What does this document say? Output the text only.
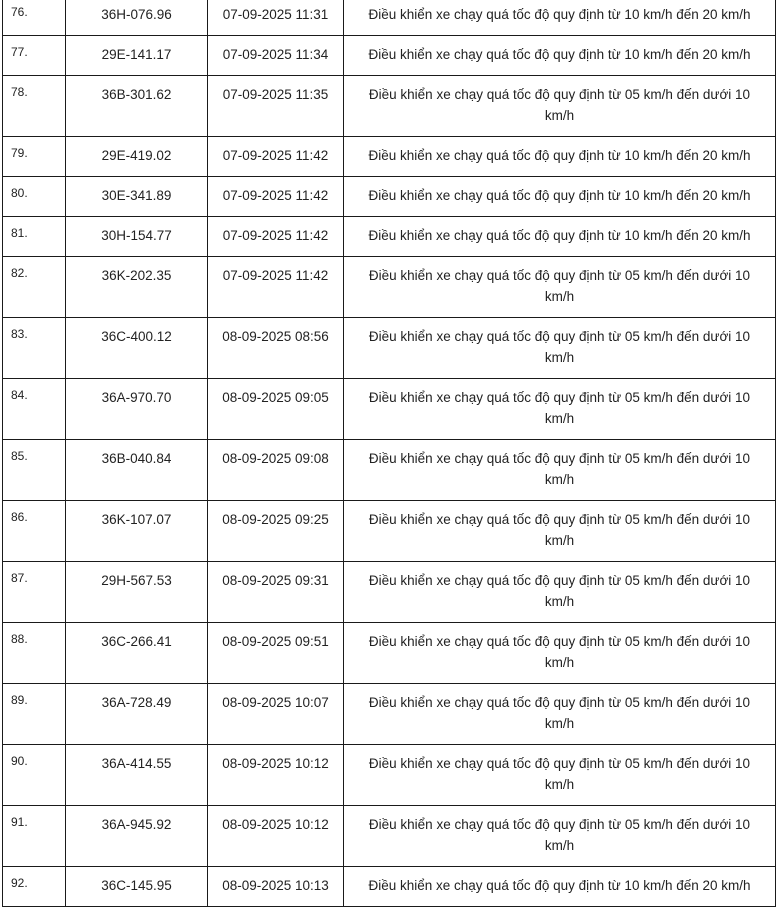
76.	36H-076.96	07-09-2025 11:31	Điều khiển xe chạy quá tốc độ quy định từ 10 km/h đến 20 km/h
77.	29E-141.17	07-09-2025 11:34	Điều khiển xe chạy quá tốc độ quy định từ 10 km/h đến 20 km/h
78.	36B-301.62	07-09-2025 11:35	Điều khiển xe chạy quá tốc độ quy định từ 05 km/h đến dưới 10 km/h
79.	29E-419.02	07-09-2025 11:42	Điều khiển xe chạy quá tốc độ quy định từ 10 km/h đến 20 km/h
80.	30E-341.89	07-09-2025 11:42	Điều khiển xe chạy quá tốc độ quy định từ 10 km/h đến 20 km/h
81.	30H-154.77	07-09-2025 11:42	Điều khiển xe chạy quá tốc độ quy định từ 10 km/h đến 20 km/h
82.	36K-202.35	07-09-2025 11:42	Điều khiển xe chạy quá tốc độ quy định từ 05 km/h đến dưới 10 km/h
83.	36C-400.12	08-09-2025 08:56	Điều khiển xe chạy quá tốc độ quy định từ 05 km/h đến dưới 10 km/h
84.	36A-970.70	08-09-2025 09:05	Điều khiển xe chạy quá tốc độ quy định từ 05 km/h đến dưới 10 km/h
85.	36B-040.84	08-09-2025 09:08	Điều khiển xe chạy quá tốc độ quy định từ 05 km/h đến dưới 10 km/h
86.	36K-107.07	08-09-2025 09:25	Điều khiển xe chạy quá tốc độ quy định từ 05 km/h đến dưới 10 km/h
87.	29H-567.53	08-09-2025 09:31	Điều khiển xe chạy quá tốc độ quy định từ 05 km/h đến dưới 10 km/h
88.	36C-266.41	08-09-2025 09:51	Điều khiển xe chạy quá tốc độ quy định từ 05 km/h đến dưới 10 km/h
89.	36A-728.49	08-09-2025 10:07	Điều khiển xe chạy quá tốc độ quy định từ 05 km/h đến dưới 10 km/h
90.	36A-414.55	08-09-2025 10:12	Điều khiển xe chạy quá tốc độ quy định từ 05 km/h đến dưới 10 km/h
91.	36A-945.92	08-09-2025 10:12	Điều khiển xe chạy quá tốc độ quy định từ 05 km/h đến dưới 10 km/h
92.	36C-145.95	08-09-2025 10:13	Điều khiển xe chạy quá tốc độ quy định từ 10 km/h đến 20 km/h
